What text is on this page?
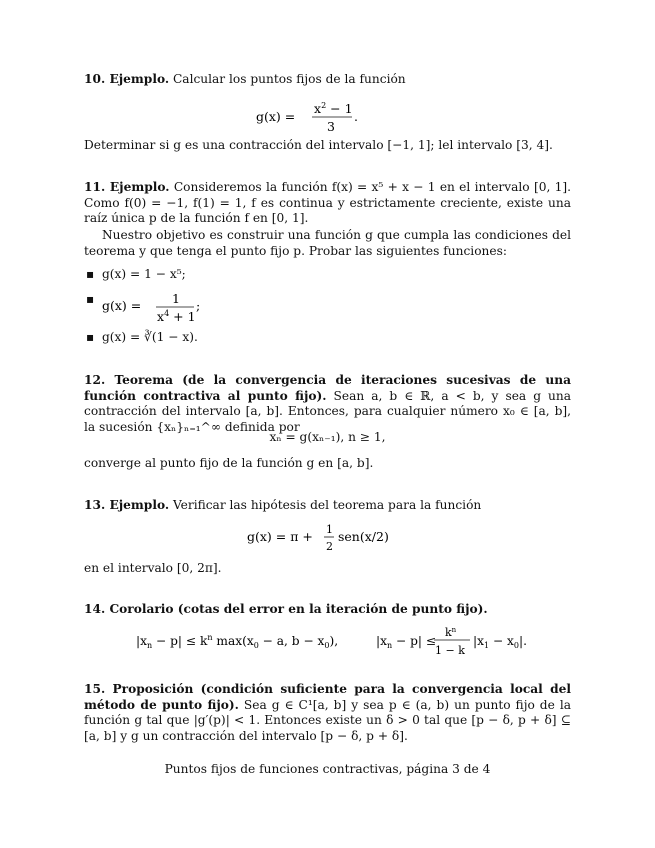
10. Ejemplo. Calcular los puntos fijos de la función
g(x) =
$x^2 - 1$
3
.
Determinar si g es una contracción del intervalo [−1, 1]; lel intervalo [3, 4].
11. Ejemplo. Consideremos la función f(x) = x⁵ + x − 1 en el intervalo [0, 1]. Como f(0) = −1, f(1) = 1, f es continua y estrictamente creciente, existe una raíz única p de la función f en [0, 1].
Nuestro objetivo es construir una función g que cumpla las condiciones del teorema y que tenga el punto fijo p. Probar las siguientes funciones:
▪ g(x) = 1 − x⁵;
▪ g(x) = 1
$x^4 + 1$
;
▪ g(x) = ∛(1 − x).
12. Teorema (de la convergencia de iteraciones sucesivas de una función contractiva al punto fijo). Sean a, b ∈ ℝ, a < b, y sea g una contracción del intervalo [a, b]. Entonces, para cualquier número x₀ ∈ [a, b], la sucesión {xₙ}ₙ₌₁^∞ definida por
xₙ = g(xₙ₋₁), n ≥ 1,
converge al punto fijo de la función g en [a, b].
13. Ejemplo. Verificar las hipótesis del teorema para la función
g(x) = π + 1
2
sen(x/2)
en el intervalo [0, 2π].
14. Corolario (cotas del error en la iteración de punto fijo).
$|x_n - p| \le k^n$ $\max(x_0 - a$, $b - x_0$),	$|x_n - p|$ ≤
$k^n$
1 − k
$|x_1 - x_0|$.
15. Proposición (condición suficiente para la convergencia local del método de punto fijo). Sea g ∈ C¹[a, b] y sea p ∈ (a, b) un punto fijo de la función g tal que |g′(p)| < 1. Entonces existe un δ > 0 tal que [p − δ, p + δ] ⊆ [a, b] y g un contracción del intervalo [p − δ, p + δ].
Puntos fijos de funciones contractivas, página 3 de 4
